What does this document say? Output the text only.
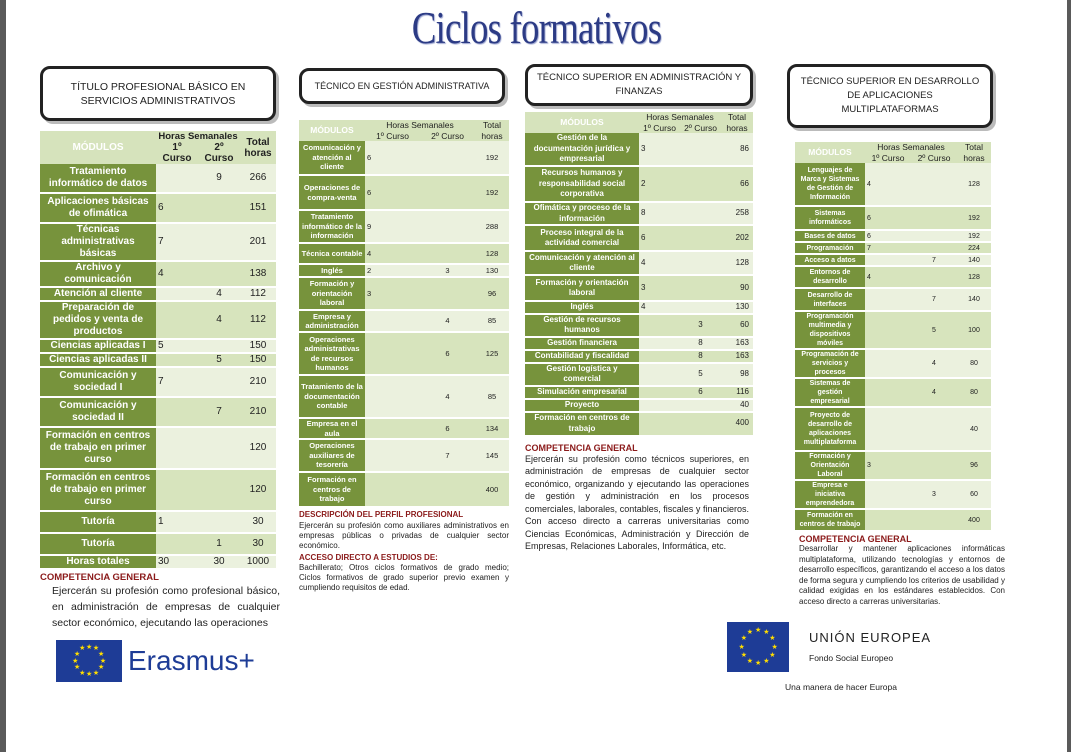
Ciclos formativos
TÍTULO PROFESIONAL BÁSICO EN SERVICIOS ADMINISTRATIVOS
MÓDULOS	Horas Semanales		Total horas
	1º Curso	2º Curso	
Tratamiento informático de datos		9	266
Aplicaciones básicas de ofimática	6		151
Técnicas administrativas básicas	7		201
Archivo y comunicación	4		138
Atención al cliente		4	112
Preparación de pedidos y venta de productos		4	112
Ciencias aplicadas I	5		150
Ciencias aplicadas II		5	150
Comunicación y sociedad I	7		210
Comunicación y sociedad II		7	210
Formación en centros de trabajo en primer curso			120
Formación en centros de trabajo en primer curso			120
Tutoría	1		30
Tutoría		1	30
Horas totales	30	30	1000
COMPETENCIA GENERAL
Ejercerán su profesión como profesional básico, en administración de empresas de cualquier sector económico, ejecutando las operaciones
TÉCNICO EN GESTIÓN ADMINISTRATIVA
MÓDULOS	Horas Semanales		Total horas
	1º Curso	2º Curso	
Comunicación y atención al cliente	6		192
Operaciones de compra-venta	6		192
Tratamiento informático de la información	9		288
Técnica contable	4		128
Inglés	2	3	130
Formación y orientación laboral	3		96
Empresa y administración		4	85
Operaciones administrativas de recursos humanos		6	125
Tratamiento de la documentación contable		4	85
Empresa en el aula		6	134
Operaciones auxiliares de tesorería		7	145
Formación en centros de trabajo			400
DESCRIPCIÓN DEL PERFIL PROFESIONAL
Ejercerán su profesión como auxiliares administrativos en empresas públicas o privadas de cualquier sector económico.
ACCESO DIRECTO A ESTUDIOS DE:
Bachillerato; Otros ciclos formativos de grado medio; Ciclos formativos de grado superior previo examen y cumpliendo requisitos de edad.
TÉCNICO SUPERIOR EN ADMINISTRACIÓN Y FINANZAS
MÓDULOS	Horas Semanales		Total horas
	1º Curso	2º Curso	
Gestión de la documentación jurídica y empresarial	3		86
Recursos humanos y responsabilidad social corporativa	2		66
Ofimática y proceso de la información	8		258
Proceso integral de la actividad comercial	6		202
Comunicación y atención al cliente	4		128
Formación y orientación laboral	3		90
Inglés	4		130
Gestión de recursos humanos		3	60
Gestión financiera		8	163
Contabilidad y fiscalidad		8	163
Gestión logística y comercial		5	98
Simulación empresarial		6	116
Proyecto			40
Formación en centros de trabajo			400
COMPETENCIA GENERAL
Ejercerán su profesión como técnicos superiores, en administración de empresas de cualquier sector económico, organizando y ejecutando las operaciones de gestión y administración en los procesos comerciales, laborales, contables, fiscales y financieros. Con acceso directo a carreras universitarias como Ciencias Económicas, Administración y Dirección de Empresas, Relaciones Laborales, Informática, etc.
TÉCNICO SUPERIOR EN DESARROLLO DE APLICACIONES MULTIPLATAFORMAS
MÓDULOS	Horas Semanales		Total horas
	1º Curso	2º Curso	
Lenguajes de Marca y Sistemas de Gestión de Información	4		128
Sistemas informáticos	6		192
Bases de datos	6		192
Programación	7		224
Acceso a datos		7	140
Entornos de desarrollo	4		128
Desarrollo de interfaces		7	140
Programación multimedia y dispositivos móviles		5	100
Programación de servicios y procesos		4	80
Sistemas de gestión empresarial		4	80
Proyecto de desarrollo de aplicaciones multiplataforma			40
Formación y Orientación Laboral	3		96
Empresa e iniciativa emprendedora		3	60
Formación en centros de trabajo			400
COMPETENCIA GENERAL
Desarrollar y mantener aplicaciones informáticas multiplataforma, utilizando tecnologías y entornos de desarrollo específicos, garantizando el acceso a los datos de forma segura y cumpliendo los criterios de usabilidad y calidad exigidas en los estándares establecidos. Con acceso directo a carreras universitarias.
★
★
★
★
★
★
★
★
★ ★ ★
★ Erasmus+	★
★
★
★
★
★
★
★
★ ★ ★
★	UNIÓN EUROPEA
Fondo Social Europeo
Una manera de hacer Europa
